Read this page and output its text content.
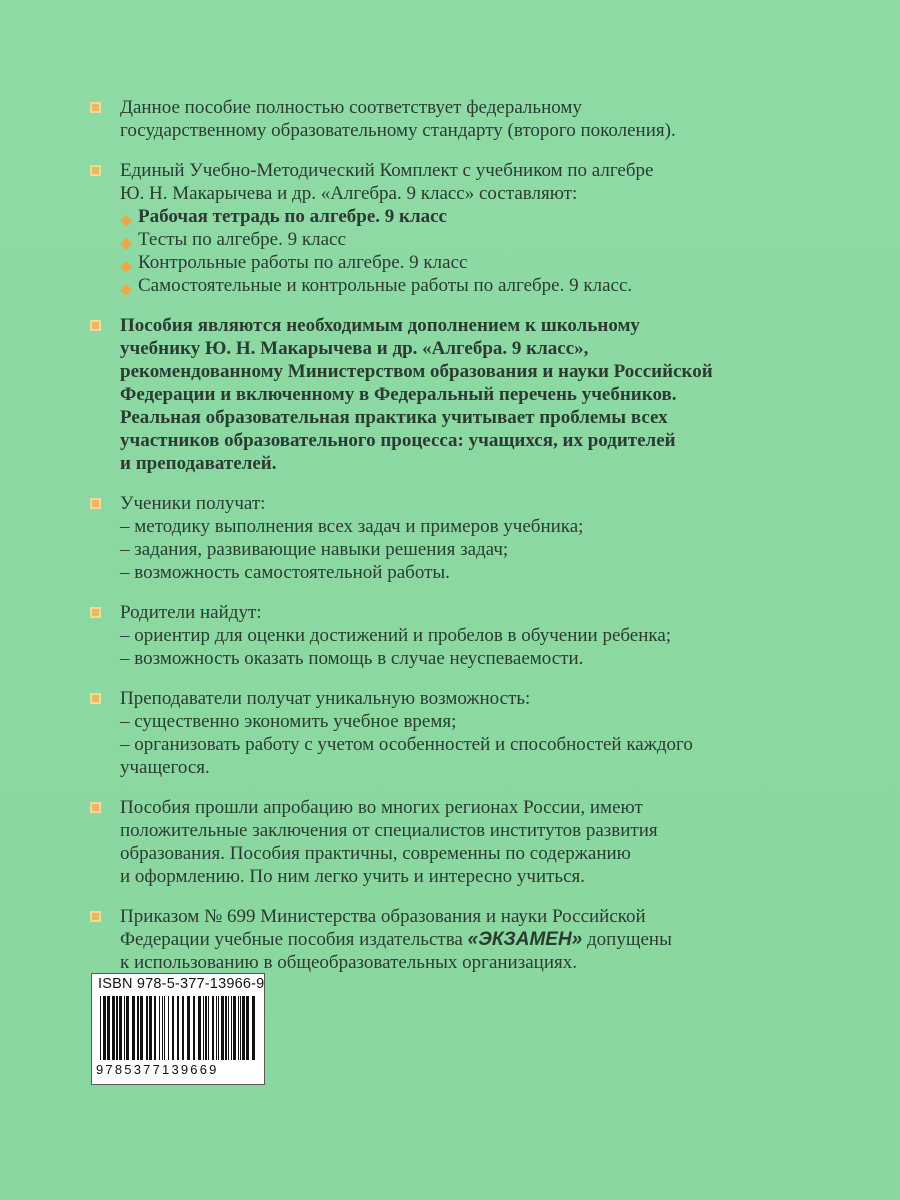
Данное пособие полностью соответствует федеральному
государственному образовательному стандарту (второго поколения).
Единый Учебно-Методический Комплект с учебником по алгебре
Ю. Н. Макарычева и др. «Алгебра. 9 класс» составляют:
◆ Рабочая тетрадь по алгебре. 9 класс
◆ Тесты по алгебре. 9 класс
◆ Контрольные работы по алгебре. 9 класс
◆ Самостоятельные и контрольные работы по алгебре. 9 класс.
Пособия являются необходимым дополнением к школьному
учебнику Ю. Н. Макарычева и др. «Алгебра. 9 класс»,
рекомендованному Министерством образования и науки Российской
Федерации и включенному в Федеральный перечень учебников.
Реальная образовательная практика учитывает проблемы всех
участников образовательного процесса: учащихся, их родителей
и преподавателей.
Ученики получат:
– методику выполнения всех задач и примеров учебника;
– задания, развивающие навыки решения задач;
– возможность самостоятельной работы.
Родители найдут:
– ориентир для оценки достижений и пробелов в обучении ребенка;
– возможность оказать помощь в случае неуспеваемости.
Преподаватели получат уникальную возможность:
– существенно экономить учебное время;
– организовать работу с учетом особенностей и способностей каждого
учащегося.
Пособия прошли апробацию во многих регионах России, имеют
положительные заключения от специалистов институтов развития
образования. Пособия практичны, современны по содержанию
и оформлению. По ним легко учить и интересно учиться.
Приказом № 699 Министерства образования и науки Российской
Федерации учебные пособия издательства «ЭКЗАМЕН» допущены
к использованию в общеобразовательных организациях.
ISBN 978-5-377-13966-9
9785377139669
